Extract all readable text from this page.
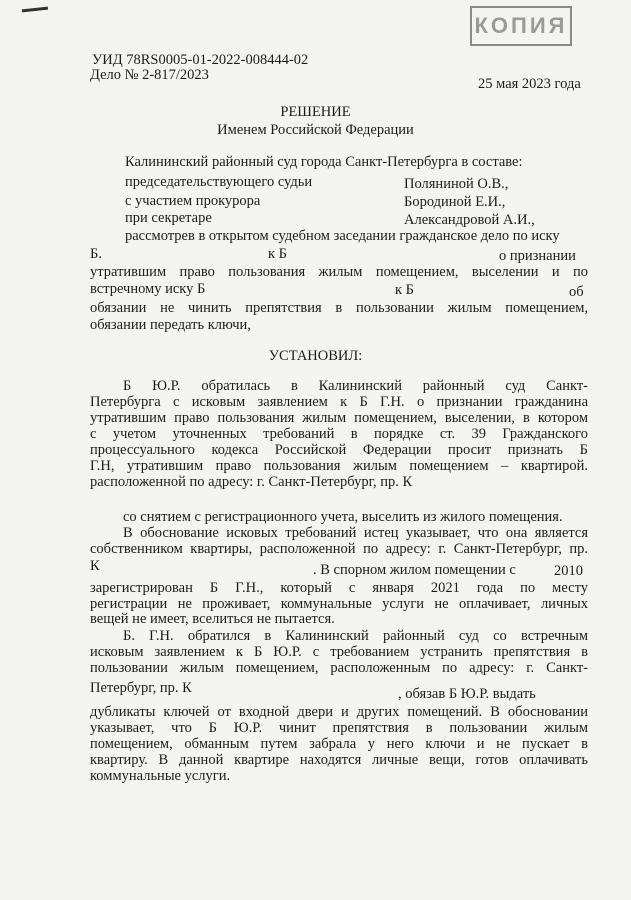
КОПИЯ
УИД 78RS0005-01-2022-008444-02
Дело № 2-817/2023
25 мая 2023 года
РЕШЕНИЕ
Именем Российской Федерации
Калининский районный суд города Санкт-Петербурга в составе:
председательствующего судьи	Поляниной О.В.,
с участием прокурора	Бородиной Е.И.,
при секретаре	Александровой А.И.,
рассмотрев в открытом судебном заседании гражданское дело по иску
Б.	к Б	о признании
утратившим право пользования жилым помещением, выселении и по
встречному иску Б	к Б	об
обязании не чинить препятствия в пользовании жилым помещением,
обязании передать ключи,
УСТАНОВИЛ:
Б Ю.Р. обратилась в Калининский районный суд Санкт-
Петербурга с исковым заявлением к Б Г.Н. о признании гражданина
утратившим право пользования жилым помещением, выселении, в котором
с учетом уточненных требований в порядке ст. 39 Гражданского
процессуального кодекса Российской Федерации просит признать Б
Г.Н, утратившим право пользования жилым помещением – квартирой.
расположенной по адресу: г. Санкт-Петербург, пр. К
со снятием с регистрационного учета, выселить из жилого помещения.
В обоснование исковых требований истец указывает, что она является
собственником квартиры, расположенной по адресу: г. Санкт-Петербург, пр.
К	. В спорном жилом помещении с	2010
зарегистрирован Б Г.Н., который с января 2021 года по месту
регистрации не проживает, коммунальные услуги не оплачивает, личных
вещей не имеет, вселиться не пытается.
Б. Г.Н. обратился в Калининский районный суд со встречным
исковым заявлением к Б Ю.Р. с требованием устранить препятствия в
пользовании жилым помещением, расположенным по адресу: г. Санкт-
Петербург, пр. К	, обязав Б Ю.Р. выдать
дубликаты ключей от входной двери и других помещений. В обосновании
указывает, что Б Ю.Р. чинит препятствия в пользовании жилым
помещением, обманным путем забрала у него ключи и не пускает в
квартиру. В данной квартире находятся личные вещи, готов оплачивать
коммунальные услуги.
